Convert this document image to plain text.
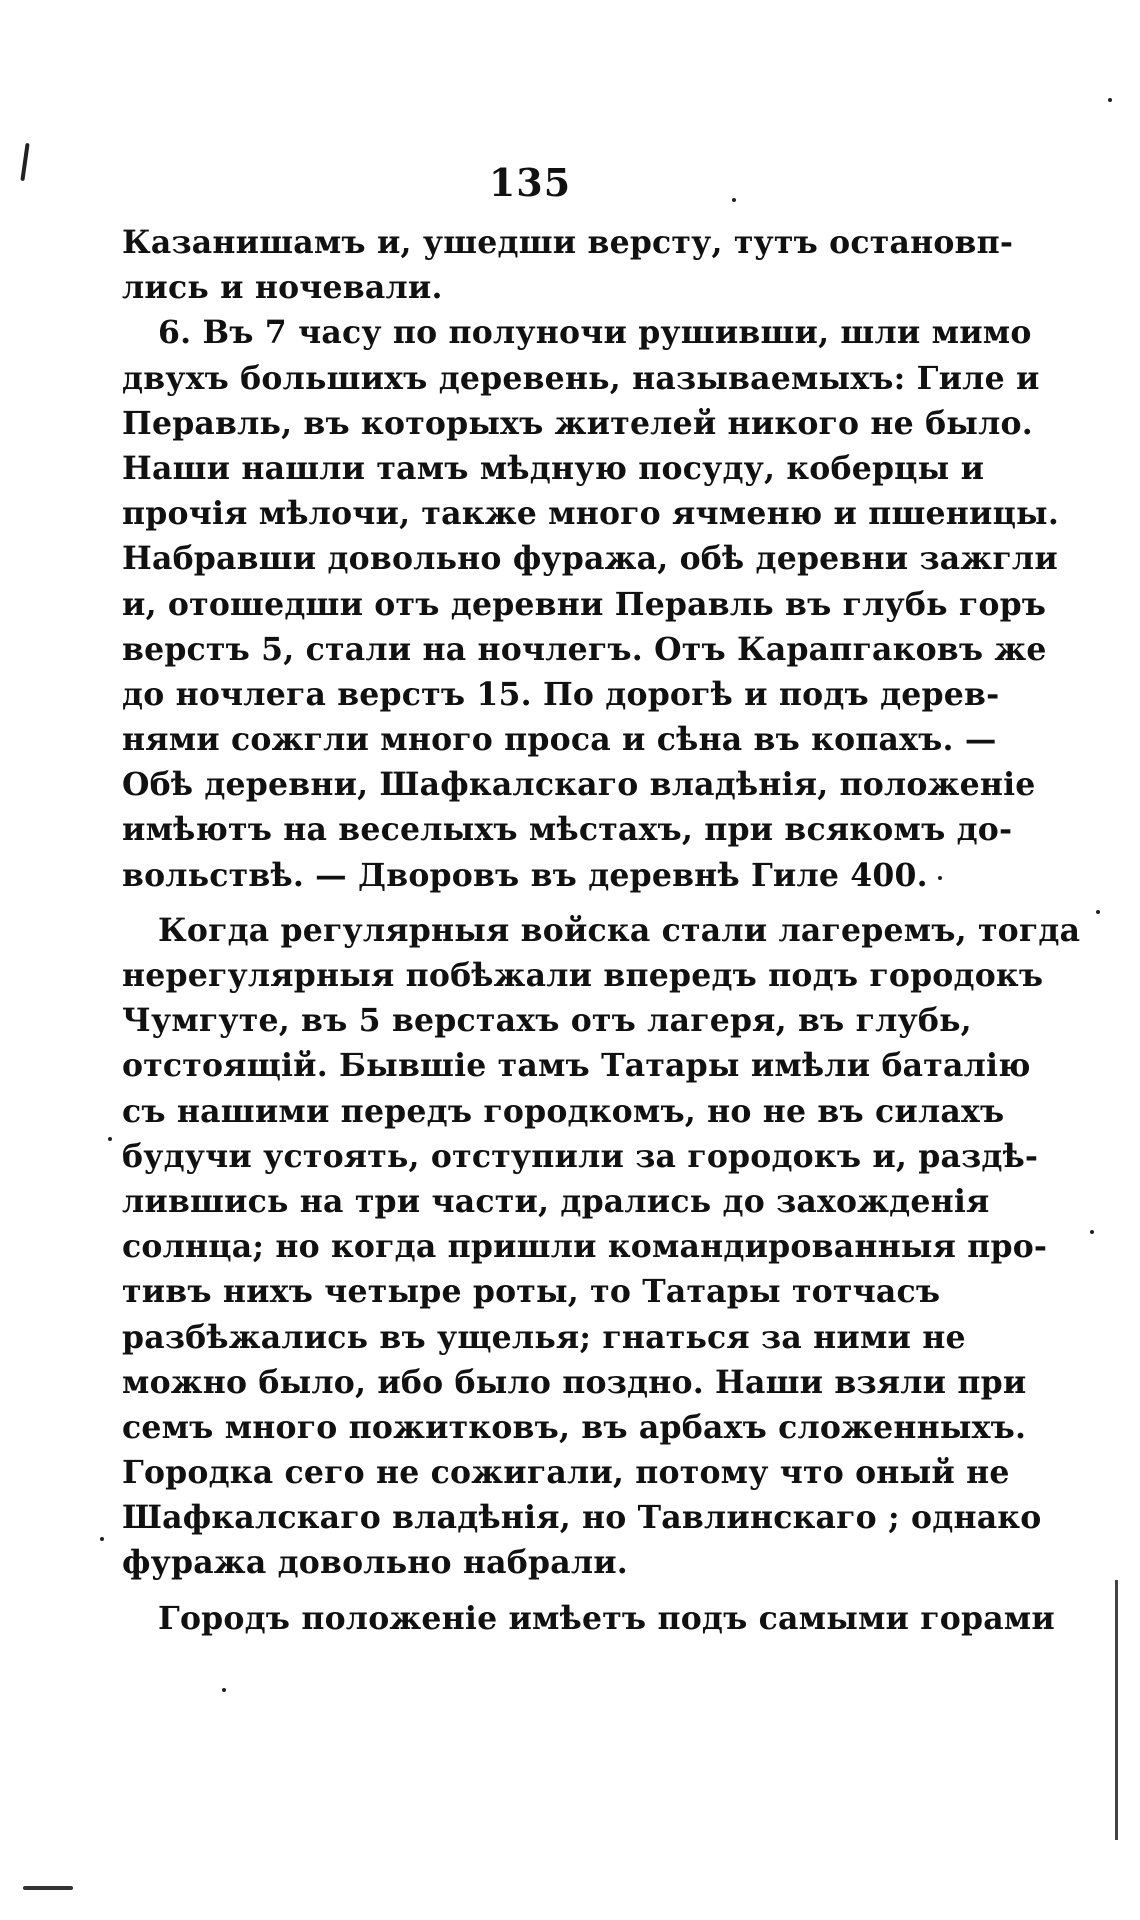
135
Казанишамъ и, ушедши версту, тутъ остановп-
лись и ночевали.
6. Въ 7 часу по полуночи рушивши, шли мимо
двухъ большихъ деревень, называемыхъ: Гиле и
Перавль, въ которыхъ жителей никого не было.
Наши нашли тамъ мѣдную посуду, коберцы и
прочія мѣлочи, также много ячменю и пшеницы.
Набравши довольно фуража, обѣ деревни зажгли
и, отошедши отъ деревни Перавль въ глубь горъ
верстъ 5, стали на ночлегъ. Отъ Карапгаковъ же
до ночлега верстъ 15. По дорогѣ и подъ дерев-
нями сожгли много проса и сѣна въ копахъ. —
Обѣ деревни, Шафкалскаго владѣнія, положеніе
имѣютъ на веселыхъ мѣстахъ, при всякомъ до-
вольствѣ. — Дворовъ въ деревнѣ Гиле 400.
Когда регулярныя войска стали лагеремъ, тогда
нерегулярныя побѣжали впередъ подъ городокъ
Чумгуте, въ 5 верстахъ отъ лагеря, въ глубь,
отстоящій. Бывшіе тамъ Татары имѣли баталію
съ нашими передъ городкомъ, но не въ силахъ
будучи устоять, отступили за городокъ и, раздѣ-
лившись на три части, дрались до захожденія
солнца; но когда пришли командированныя про-
тивъ нихъ четыре роты, то Татары тотчасъ
разбѣжались въ ущелья; гнаться за ними не
можно было, ибо было поздно. Наши взяли при
семъ много пожитковъ, въ арбахъ сложенныхъ.
Городка сего не сожигали, потому что оный не
Шафкалскаго владѣнія, но Тавлинскаго ; однако
фуража довольно набрали.
Городъ положеніе имѣетъ подъ самыми горами
